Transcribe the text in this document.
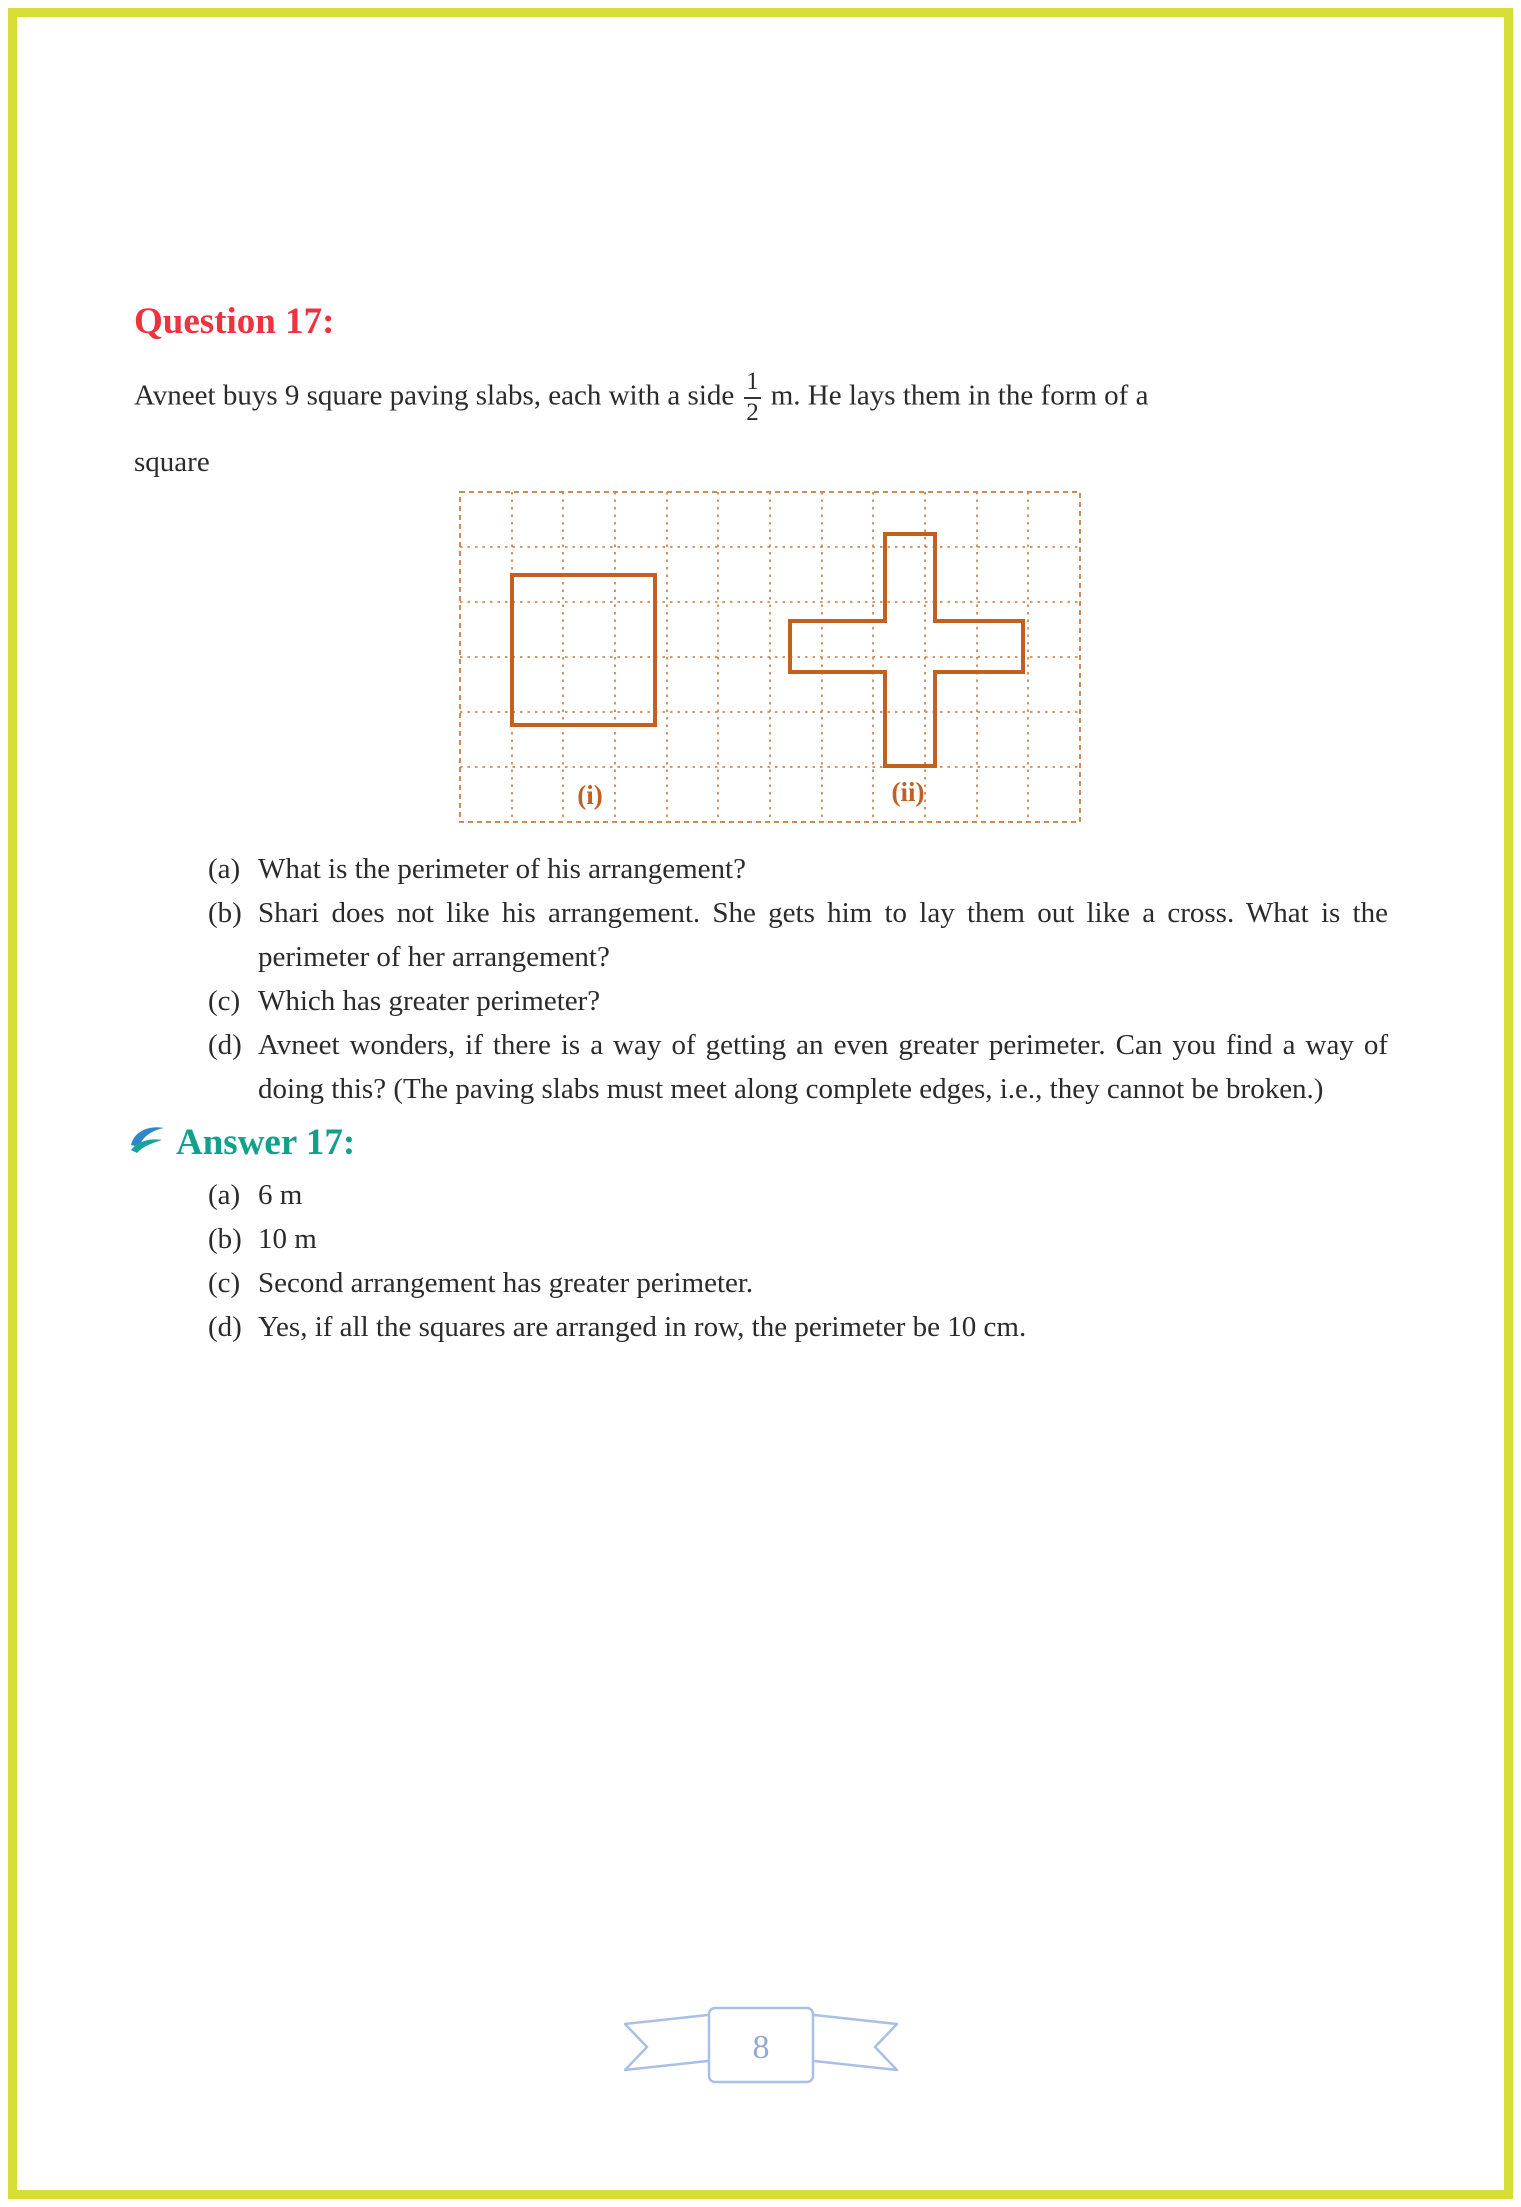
Question 17:
Avneet buys 9 square paving slabs, each with a side $\frac{1}{2} m$. He lays them in the form of a
square
(i)	(ii)
(a) What is the perimeter of his arrangement?
(b) Shari does not like his arrangement. She gets him to lay them out like a cross. What is the perimeter of her arrangement?
(c) Which has greater perimeter?
(d) Avneet wonders, if there is a way of getting an even greater perimeter. Can you find a way of doing this? (The paving slabs must meet along complete edges, i.e., they cannot be broken.)
Answer 17:
(a) 6 m
(b) 10 m
(c) Second arrangement has greater perimeter.
(d) Yes, if all the squares are arranged in row, the perimeter be 10 cm.
8
